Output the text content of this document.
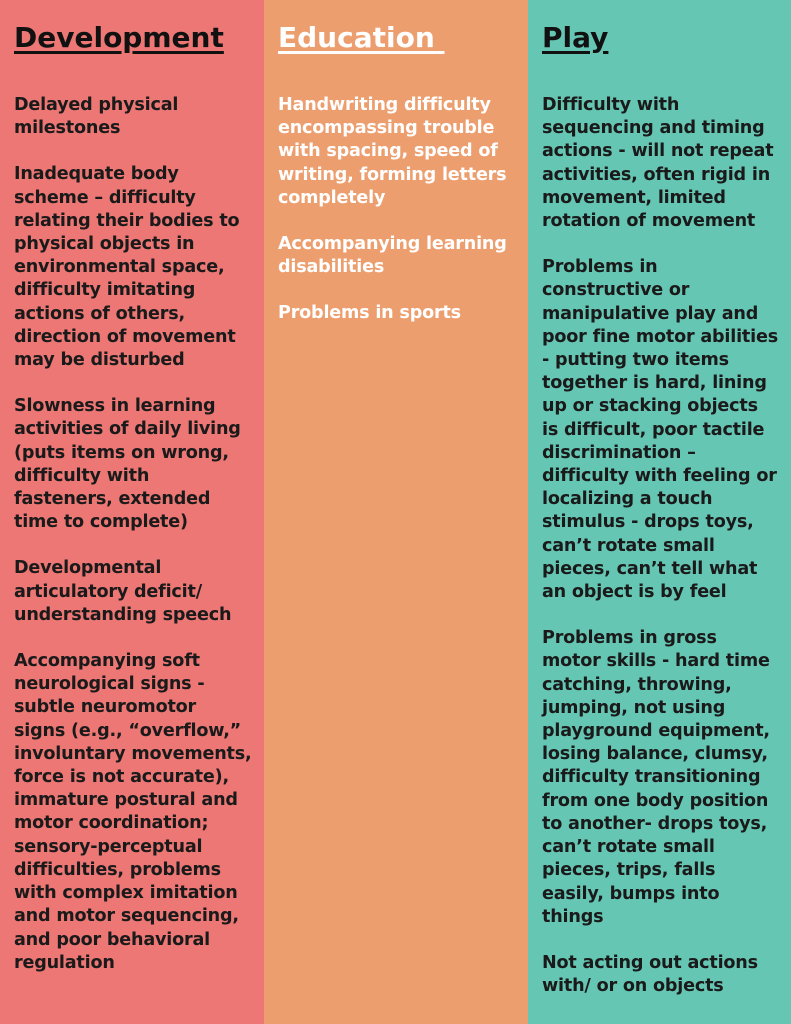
Development
Delayed physical milestones
Inadequate body scheme – difficulty relating their bodies to physical objects in environmental space, difficulty imitating actions of others, direction of movement may be disturbed
Slowness in learning activities of daily living (puts items on wrong, difficulty with fasteners, extended time to complete)
Developmental articulatory deficit/ understanding speech
Accompanying soft neurological signs - subtle neuromotor signs (e.g., “overflow,” involuntary movements, force is not accurate), immature postural and motor coordination; sensory-perceptual difficulties, problems with complex imitation and motor sequencing, and poor behavioral regulation
Education
Handwriting difficulty encompassing trouble with spacing, speed of writing, forming letters completely
Accompanying learning disabilities
Problems in sports
Play
Difficulty with sequencing and timing actions - will not repeat activities, often rigid in movement, limited rotation of movement
Problems in constructive or manipulative play and poor fine motor abilities - putting two items together is hard, lining up or stacking objects is difficult, poor tactile discrimination – difficulty with feeling or localizing a touch stimulus - drops toys, can’t rotate small pieces, can’t tell what an object is by feel
Problems in gross motor skills - hard time catching, throwing, jumping, not using playground equipment, losing balance, clumsy, difficulty transitioning from one body position to another- drops toys, can’t rotate small pieces, trips, falls easily, bumps into things
Not acting out actions with/ or on objects
